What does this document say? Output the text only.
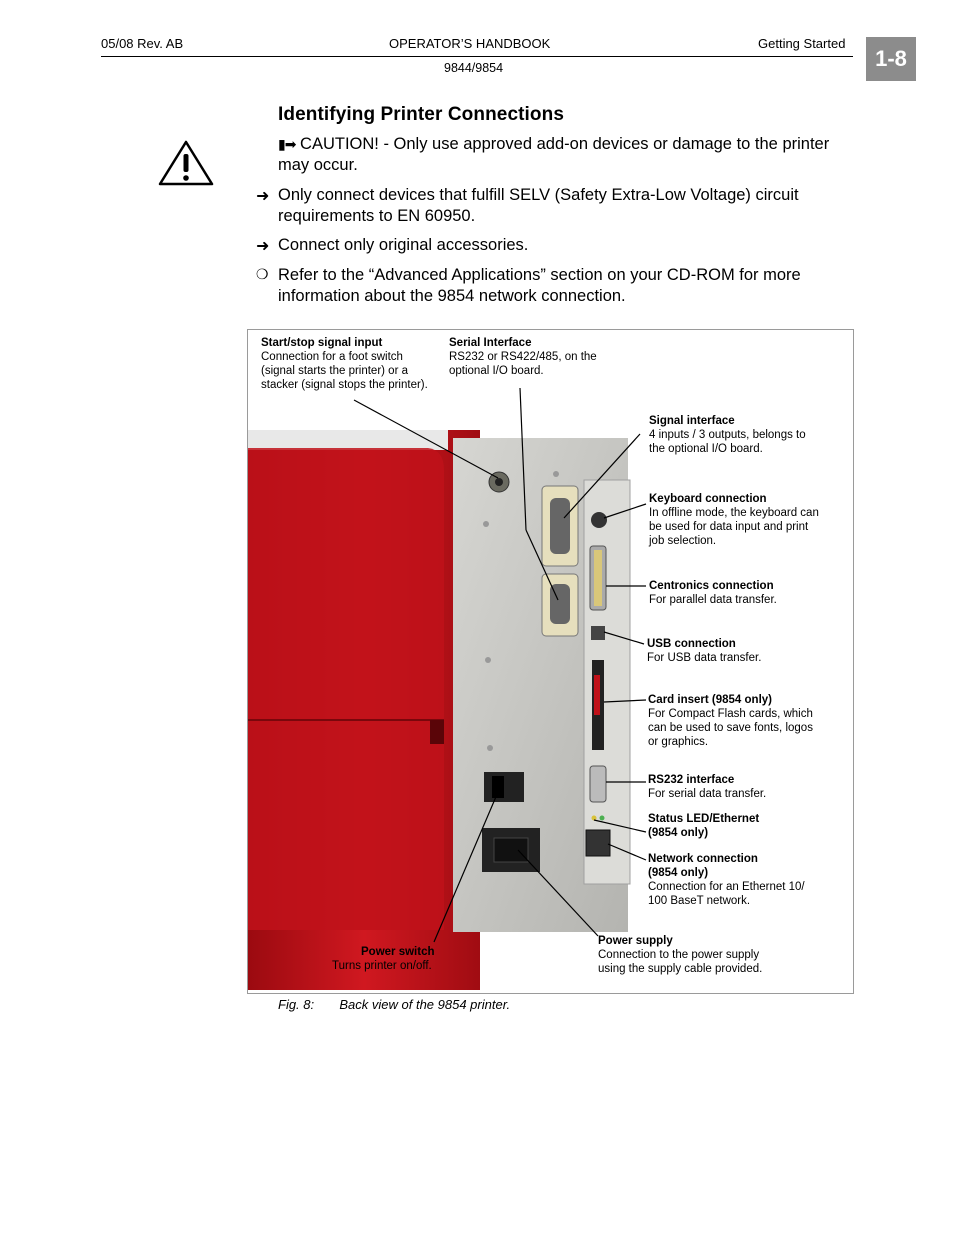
05/08 Rev. AB	OPERATOR’S HANDBOOK	Getting Started
9844/9854	1-8
Identifying Printer Connections
▮➡ CAUTION! - Only use approved add-on devices or damage to the printer may occur.
➜ Only connect devices that fulfill SELV (Safety Extra-Low Voltage) circuit requirements to EN 60950.
➜ Connect only original accessories.
❍ Refer to the “Advanced Applications” section on your CD-ROM for more information about the 9854 network connection.
Start/stop signal input
Connection for a foot switch (signal starts the printer) or a stacker (signal stops the printer).
Serial Interface
RS232 or RS422/485, on the optional I/O board.
Signal interface
4 inputs / 3 outputs, belongs to the optional I/O board.
Keyboard connection
In offline mode, the keyboard can be used for data input and print job selection.
Centronics connection
For parallel data transfer.
USB connection
For USB data transfer.
Card insert (9854 only)
For Compact Flash cards, which can be used to save fonts, logos or graphics.
RS232 interface
For serial data transfer.
Status LED/Ethernet (9854 only)
Network connection (9854 only)
Connection for an Ethernet 10/ 100 BaseT network.
Power switch
Turns printer on/off.
Power supply
Connection to the power supply using the supply cable provided.
Fig. 8: Back view of the 9854 printer.
